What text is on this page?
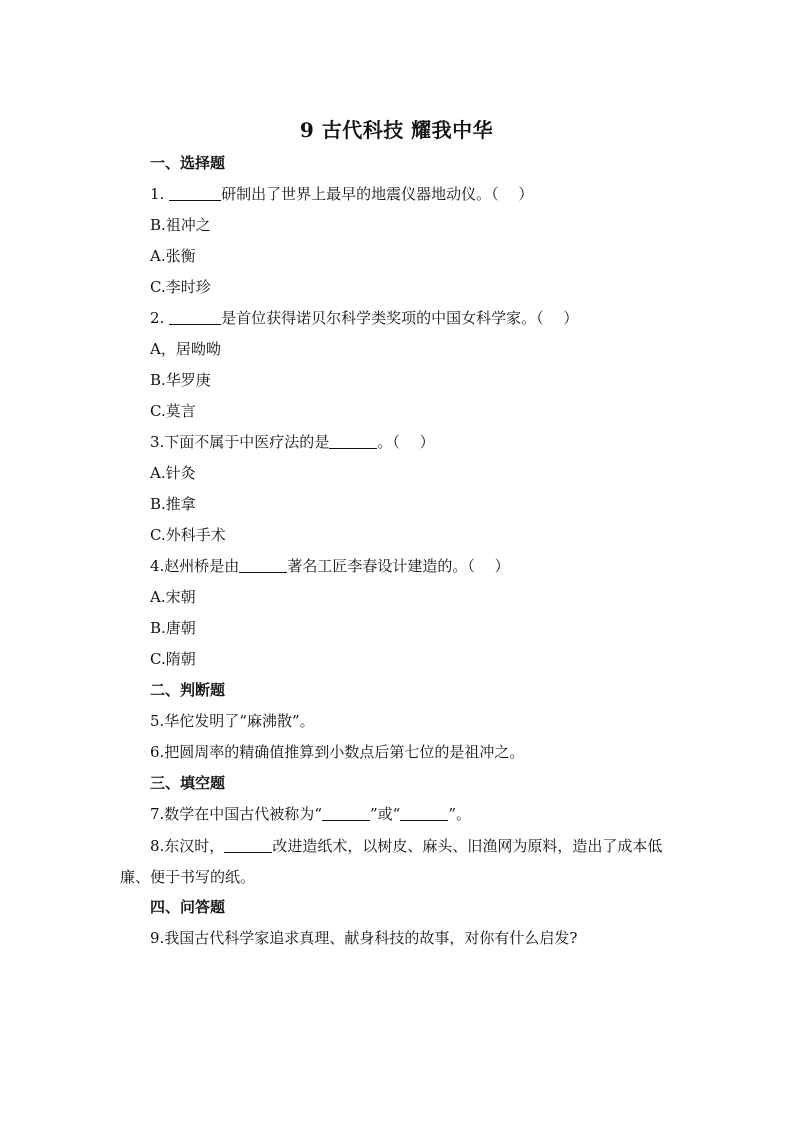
9 古代科技 耀我中华
一、选择题
1.	研制出了世界上最早的地震仪器地动仪。（　 ）
B.祖冲之
A.张衡
C.李时珍
2.	是首位获得诺贝尔科学类奖项的中国女科学家。（　 ）
A，居呦呦
B.华罗庚
C.莫言
3.下面不属于中医疗法的是	。（　 ）
A.针灸
B.推拿
C.外科手术
4.赵州桥是由	著名工匠李春设计建造的。（　 ）
A.宋朝
B.唐朝
C.隋朝
二、判断题
5.华佗发明了“麻沸散”。
6.把圆周率的精确值推算到小数点后第七位的是祖冲之。
三、填空题
7.数学在中国古代被称为“	”或“	”。
8.东汉时，	改进造纸术，以树皮、麻头、旧渔网为原料，造出了成本低廉、便于书写的纸。
四、问答题
9.我国古代科学家追求真理、献身科技的故事，对你有什么启发?
